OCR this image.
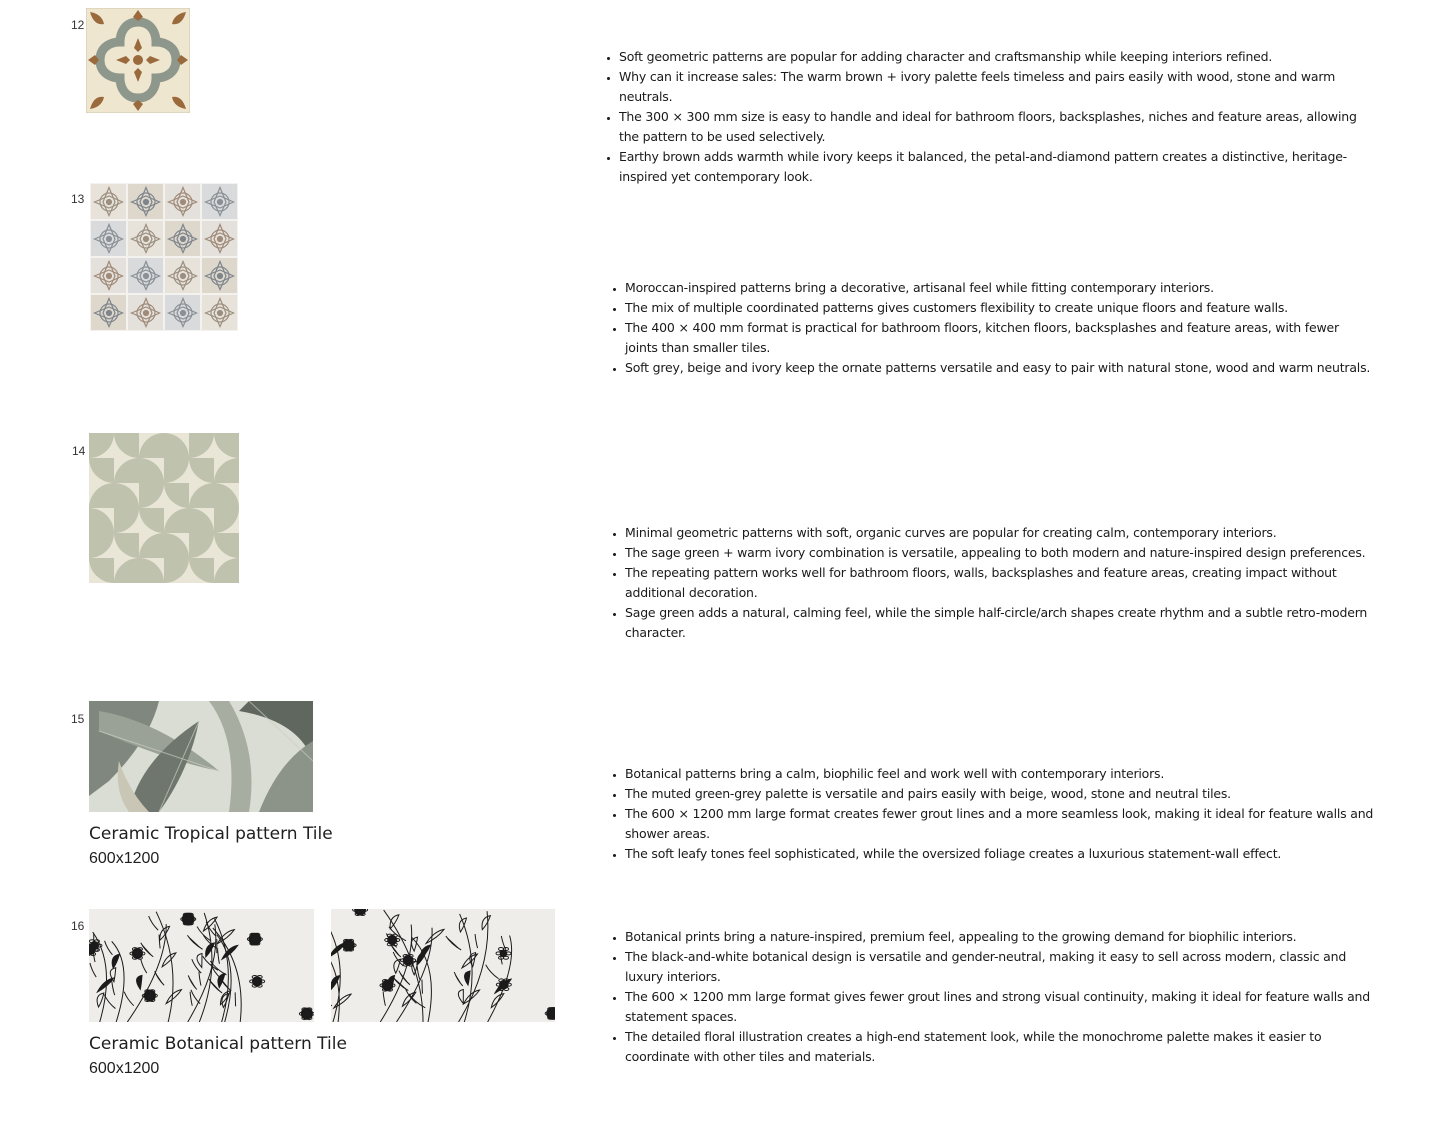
12
• Soft geometric patterns are popular for adding character and craftsmanship while keeping interiors refined.
• Why can it increase sales: The warm brown + ivory palette feels timeless and pairs easily with wood, stone and warm neutrals.
• The 300 × 300 mm size is easy to handle and ideal for bathroom floors, backsplashes, niches and feature areas, allowing the pattern to be used selectively.
• Earthy brown adds warmth while ivory keeps it balanced, the petal-and-diamond pattern creates a distinctive, heritage-inspired yet contemporary look.
13
• Moroccan-inspired patterns bring a decorative, artisanal feel while fitting contemporary interiors.
• The mix of multiple coordinated patterns gives customers flexibility to create unique floors and feature walls.
• The 400 × 400 mm format is practical for bathroom floors, kitchen floors, backsplashes and feature areas, with fewer joints than smaller tiles.
• Soft grey, beige and ivory keep the ornate patterns versatile and easy to pair with natural stone, wood and warm neutrals.
14
• Minimal geometric patterns with soft, organic curves are popular for creating calm, contemporary interiors.
• The sage green + warm ivory combination is versatile, appealing to both modern and nature-inspired design preferences.
• The repeating pattern works well for bathroom floors, walls, backsplashes and feature areas, creating impact without additional decoration.
• Sage green adds a natural, calming feel, while the simple half-circle/arch shapes create rhythm and a subtle retro-modern character.
15
Ceramic Tropical pattern Tile
600x1200
• Botanical patterns bring a calm, biophilic feel and work well with contemporary interiors.
• The muted green-grey palette is versatile and pairs easily with beige, wood, stone and neutral tiles.
• The 600 × 1200 mm large format creates fewer grout lines and a more seamless look, making it ideal for feature walls and shower areas.
• The soft leafy tones feel sophisticated, while the oversized foliage creates a luxurious statement-wall effect.
16
Ceramic Botanical pattern Tile
600x1200
• Botanical prints bring a nature-inspired, premium feel, appealing to the growing demand for biophilic interiors.
• The black-and-white botanical design is versatile and gender-neutral, making it easy to sell across modern, classic and luxury interiors.
• The 600 × 1200 mm large format gives fewer grout lines and strong visual continuity, making it ideal for feature walls and statement spaces.
• The detailed floral illustration creates a high-end statement look, while the monochrome palette makes it easier to coordinate with other tiles and materials.
